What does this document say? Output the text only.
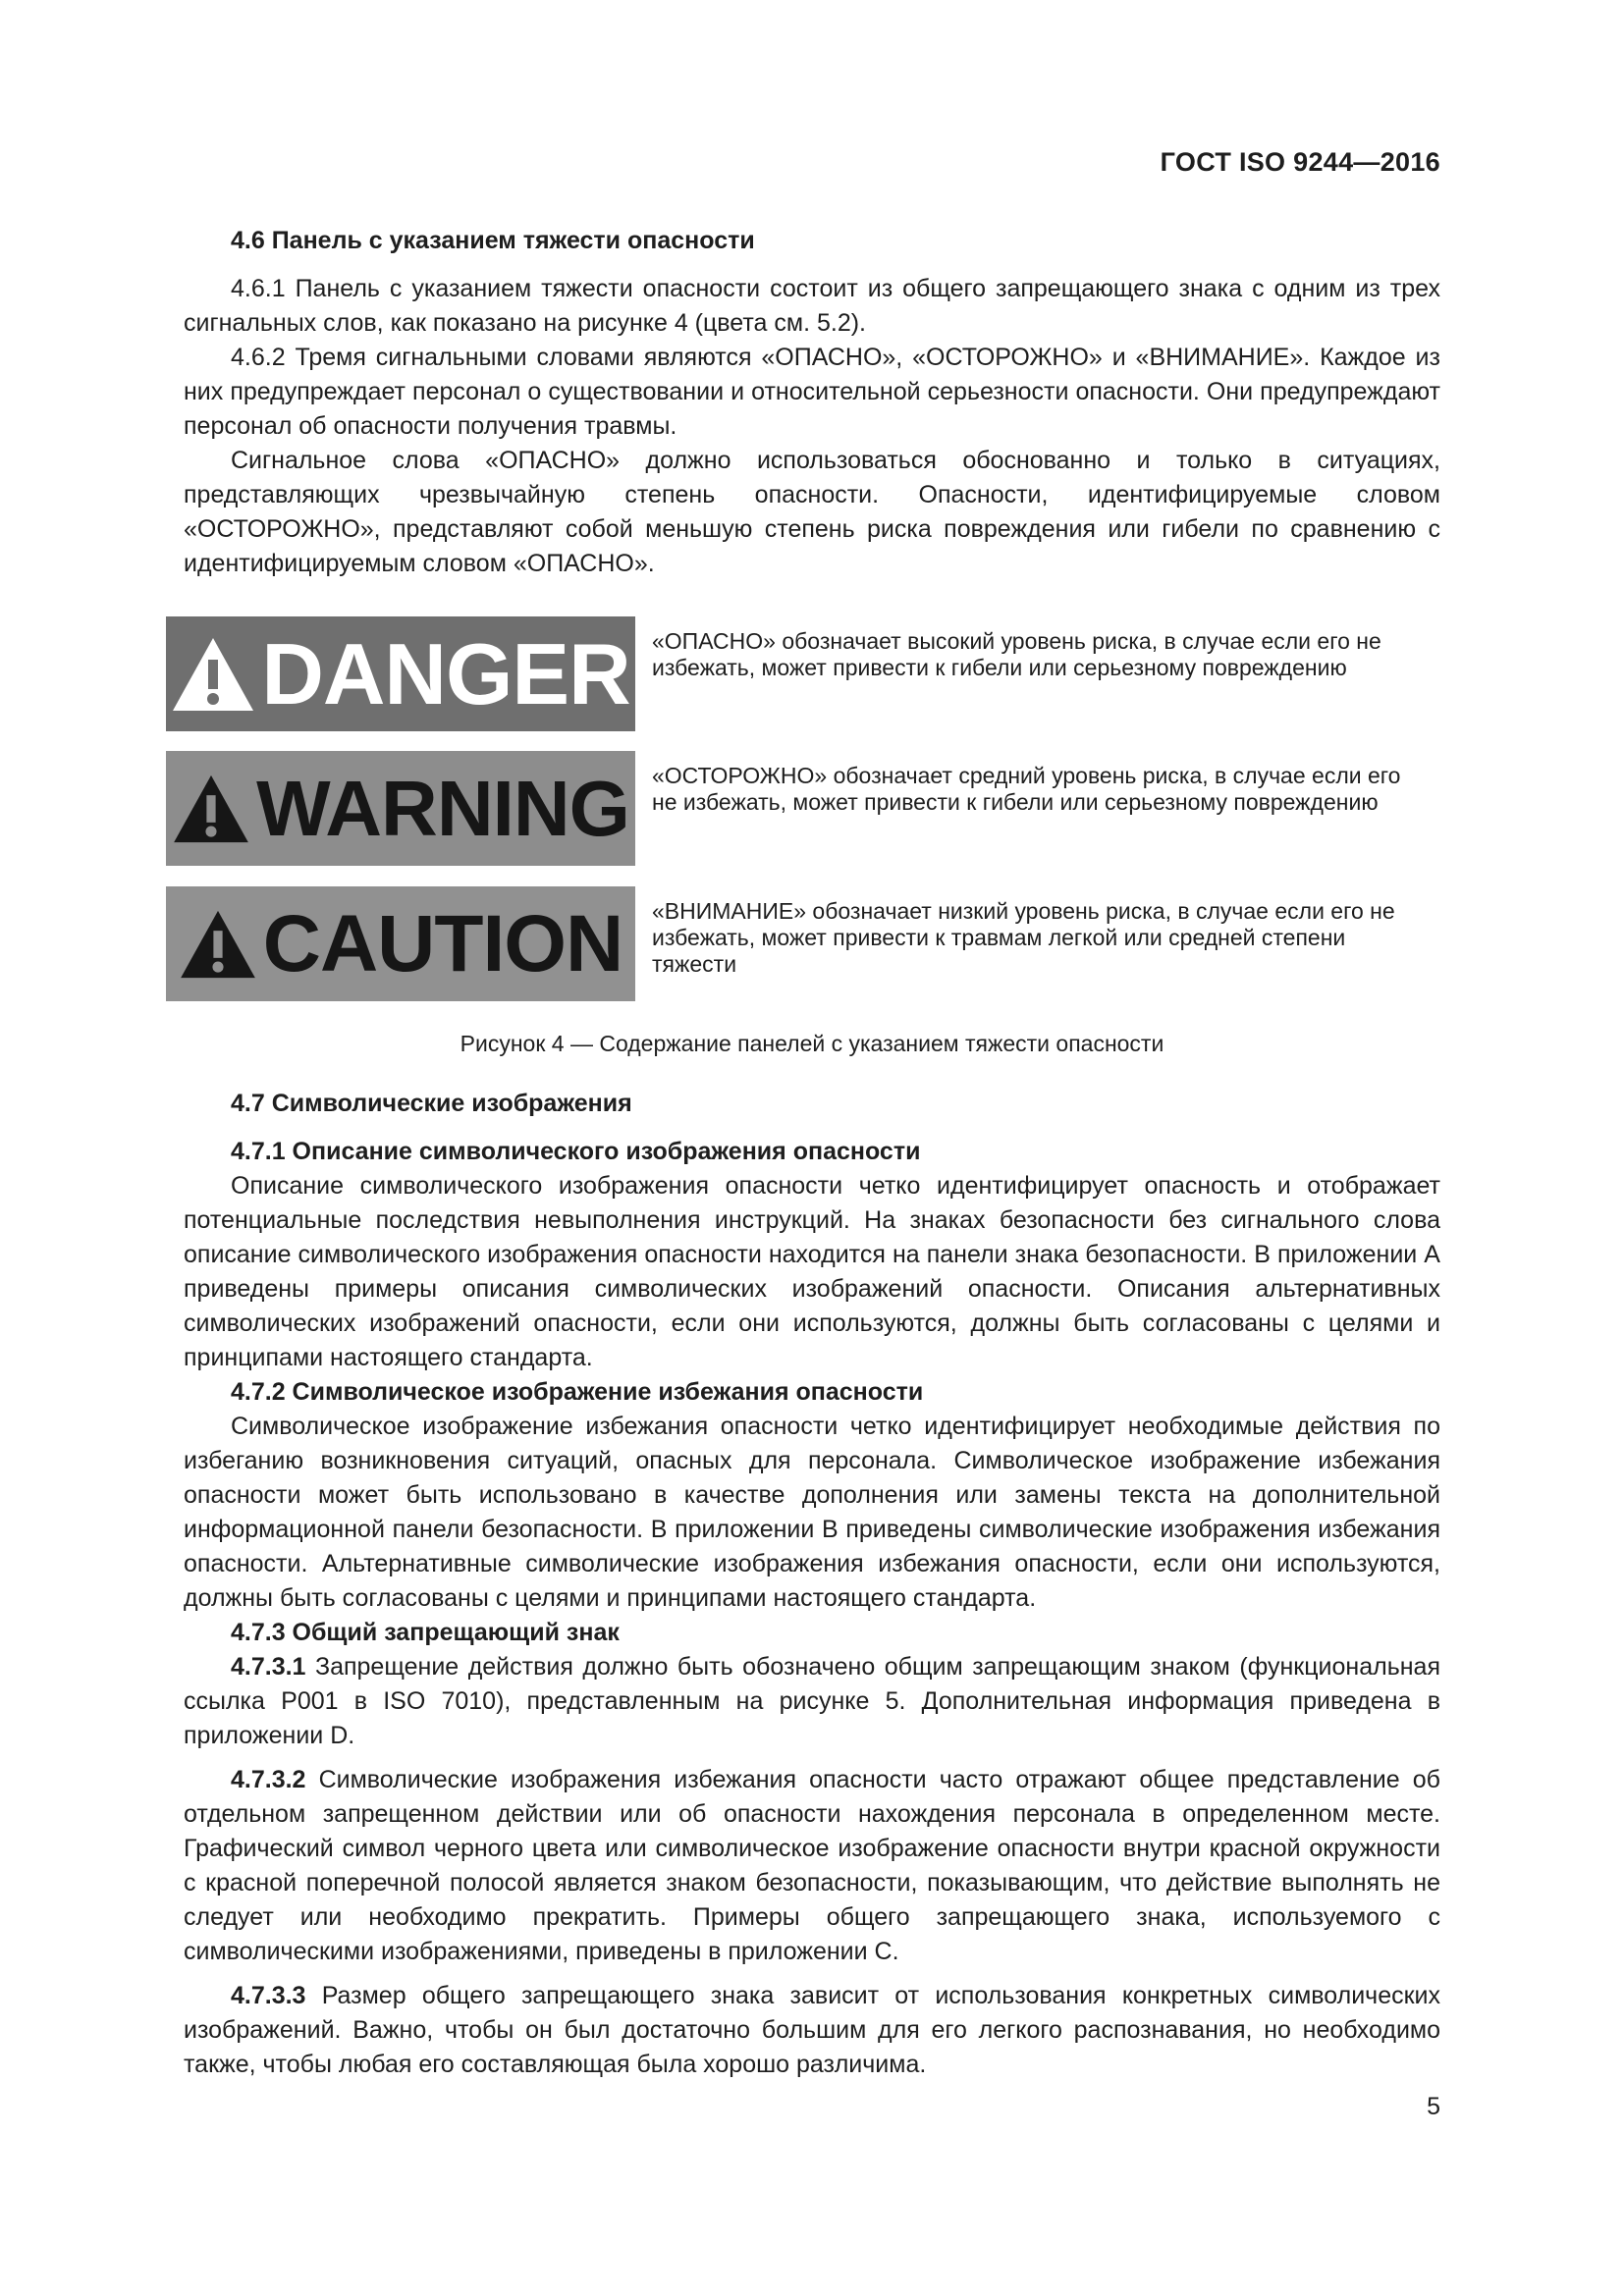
ГОСТ ISO 9244—2016
4.6 Панель с указанием тяжести опасности

4.6.1 Панель с указанием тяжести опасности состоит из общего запрещающего знака с одним из трех сигнальных слов, как показано на рисунке 4 (цвета см. 5.2).

4.6.2 Тремя сигнальными словами являются «ОПАСНО», «ОСТОРОЖНО» и «ВНИМАНИЕ». Каждое из них предупреждает персонал о существовании и относительной серьезности опасности. Они предупреждают персонал об опасности получения травмы.

Сигнальное слова «ОПАСНО» должно использоваться обоснованно и только в ситуациях, представляющих чрезвычайную степень опасности. Опасности, идентифицируемые словом «ОСТОРОЖНО», представляют собой меньшую степень риска повреждения или гибели по сравнению с идентифицируемым словом «ОПАСНО».

DANGER «ОПАСНО» обозначает высокий уровень риска, в случае если его не избежать, может привести к гибели или серьезному повреждению
WARNING «ОСТОРОЖНО» обозначает средний уровень риска, в случае если его не избежать, может привести к гибели или серьезному повреждению
CAUTION «ВНИМАНИЕ» обозначает низкий уровень риска, в случае если его не избежать, может привести к травмам легкой или средней степени тяжести
Рисунок 4 — Содержание панелей с указанием тяжести опасности
4.7 Символические изображения
4.7.1 Описание символического изображения опасности

Описание символического изображения опасности четко идентифицирует опасность и отображает потенциальные последствия невыполнения инструкций. На знаках безопасности без сигнального слова описание символического изображения опасности находится на панели знака безопасности. В приложении А приведены примеры описания символических изображений опасности. Описания альтернативных символических изображений опасности, если они используются, должны быть согласованы с целями и принципами настоящего стандарта.

4.7.2 Символическое изображение избежания опасности

Символическое изображение избежания опасности четко идентифицирует необходимые действия по избеганию возникновения ситуаций, опасных для персонала. Символическое изображение избежания опасности может быть использовано в качестве дополнения или замены текста на дополнительной информационной панели безопасности. В приложении В приведены символические изображения избежания опасности. Альтернативные символические изображения избежания опасности, если они используются, должны быть согласованы с целями и принципами настоящего стандарта.

4.7.3 Общий запрещающий знак

4.7.3.1 Запрещение действия должно быть обозначено общим запрещающим знаком (функциональная ссылка Р001 в ISO 7010), представленным на рисунке 5. Дополнительная информация приведена в приложении D.

4.7.3.2 Символические изображения избежания опасности часто отражают общее представление об отдельном запрещенном действии или об опасности нахождения персонала в определенном месте. Графический символ черного цвета или символическое изображение опасности внутри красной окружности с красной поперечной полосой является знаком безопасности, показывающим, что действие выполнять не следует или необходимо прекратить. Примеры общего запрещающего знака, используемого с символическими изображениями, приведены в приложении С.

4.7.3.3 Размер общего запрещающего знака зависит от использования конкретных символических изображений. Важно, чтобы он был достаточно большим для его легкого распознавания, но необходимо также, чтобы любая его составляющая была хорошо различима.

5
